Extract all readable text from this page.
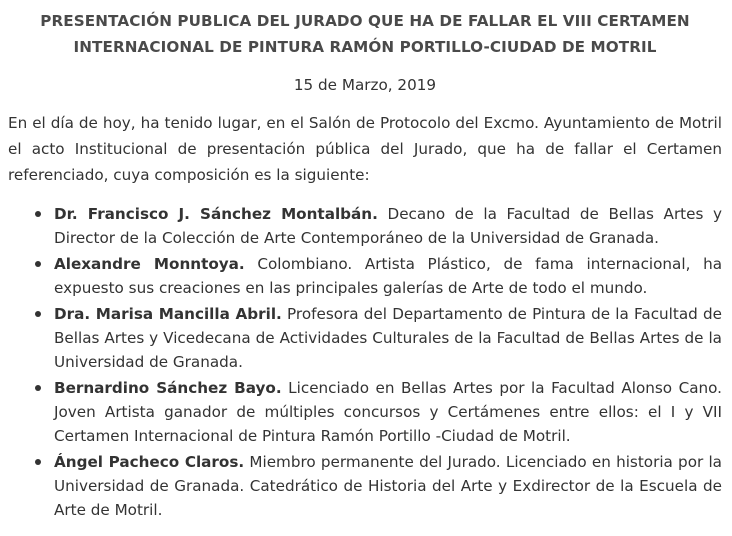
PRESENTACIÓN PUBLICA DEL JURADO QUE HA DE FALLAR EL VIII CERTAMEN INTERNACIONAL DE PINTURA RAMÓN PORTILLO-CIUDAD DE MOTRIL

15 de Marzo, 2019

En el día de hoy, ha tenido lugar, en el Salón de Protocolo del Excmo. Ayuntamiento de Motril el acto Institucional de presentación pública del Jurado, que ha de fallar el Certamen referenciado, cuya composición es la siguiente:

Dr. Francisco J. Sánchez Montalbán. Decano de la Facultad de Bellas Artes y Director de la Colección de Arte Contemporáneo de la Universidad de Granada.
Alexandre Monntoya. Colombiano. Artista Plástico, de fama internacional, ha expuesto sus creaciones en las principales galerías de Arte de todo el mundo.
Dra. Marisa Mancilla Abril. Profesora del Departamento de Pintura de la Facultad de Bellas Artes y Vicedecana de Actividades Culturales de la Facultad de Bellas Artes de la Universidad de Granada.
Bernardino Sánchez Bayo. Licenciado en Bellas Artes por la Facultad Alonso Cano. Joven Artista ganador de múltiples concursos y Certámenes entre ellos: el I y VII Certamen Internacional de Pintura Ramón Portillo -Ciudad de Motril.
Ángel Pacheco Claros. Miembro permanente del Jurado. Licenciado en historia por la Universidad de Granada. Catedrático de Historia del Arte y Exdirector de la Escuela de Arte de Motril.
